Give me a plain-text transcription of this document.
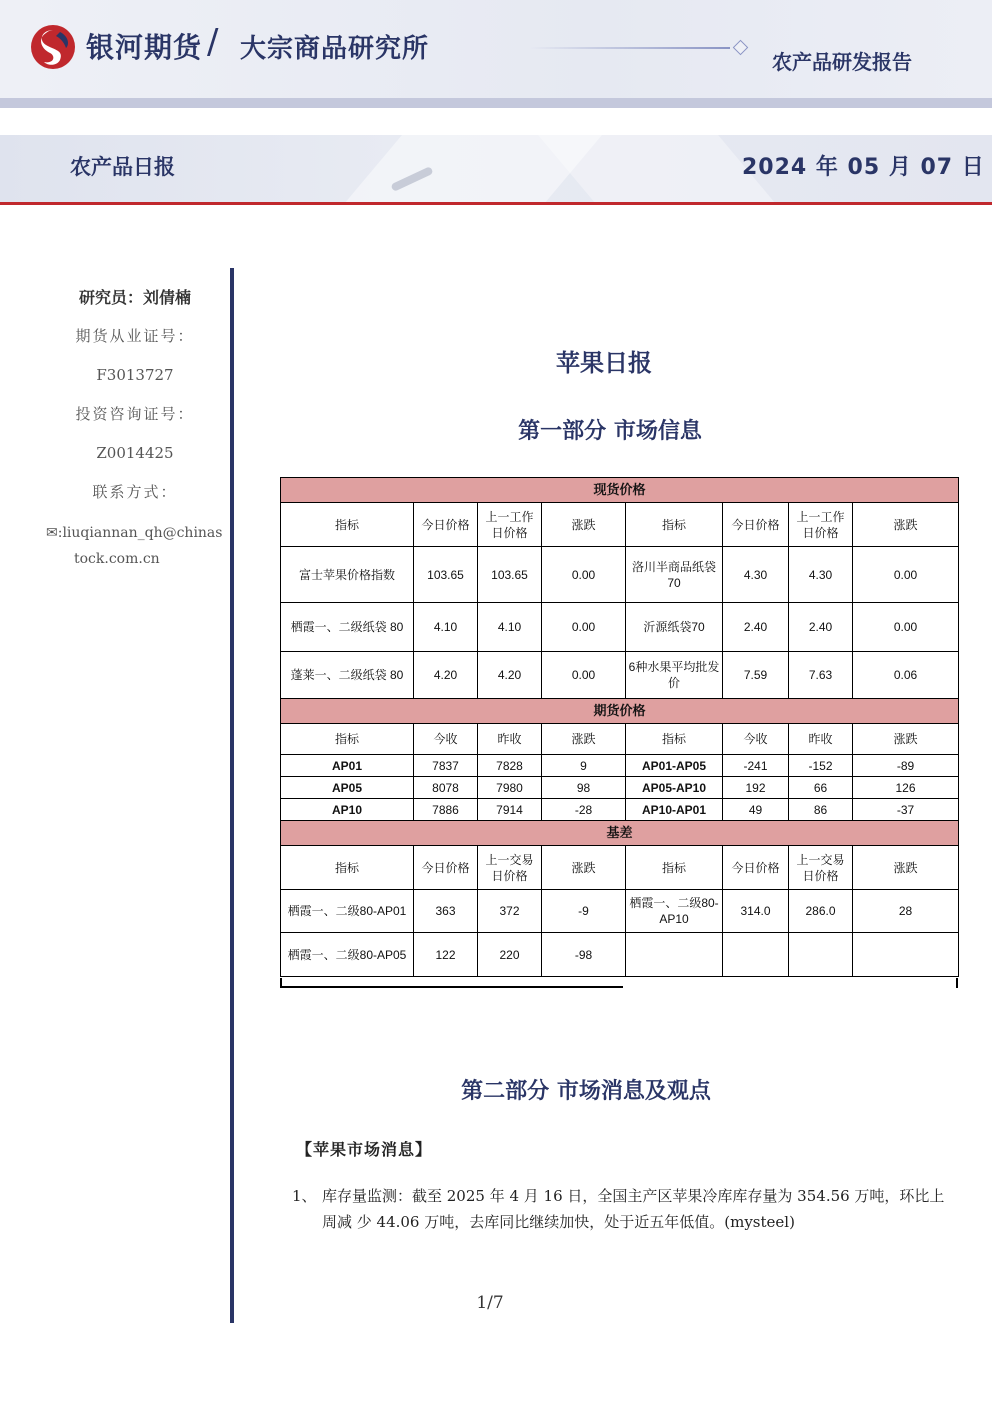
银河期货 / 大宗商品研究所	农产品研发报告
农产品日报	2024 年 05 月 07 日
研究员：刘倩楠
期货从业证号：
F3013727
投资咨询证号：
Z0014425
联系方式：
✉:liuqiannan_qh@chinas
tock.com.cn
苹果日报
第一部分 市场信息
现货价格							
指标	今日价格	上一工作日价格	涨跌	指标	今日价格	上一工作日价格	涨跌
富士苹果价格指数	103.65	103.65	0.00	洛川半商品纸袋70	4.30	4.30	0.00
栖霞一、二级纸袋 80	4.10	4.10	0.00	沂源纸袋70	2.40	2.40	0.00
蓬莱一、二级纸袋 80	4.20	4.20	0.00	6种水果平均批发价	7.59	7.63	0.06
期货价格							
指标	今收	昨收	涨跌	指标	今收	昨收	涨跌
AP01	7837	7828	9	AP01-AP05	-241	-152	-89
AP05	8078	7980	98	AP05-AP10	192	66	126
AP10	7886	7914	-28	AP10-AP01	49	86	-37
基差							
指标	今日价格	上一交易日价格	涨跌	指标	今日价格	上一交易日价格	涨跌
栖霞一、二级80-AP01	363	372	-9	栖霞一、二级80-AP10	314.0	286.0	28
栖霞一、二级80-AP05	122	220	-98				
第二部分 市场消息及观点
【苹果市场消息】
1、 库存量监测：截至 2025 年 4 月 16 日，全国主产区苹果冷库库存量为 354.56 万吨，环比上周减 少 44.06 万吨，去库同比继续加快，处于近五年低值。(mysteel)
1/7
